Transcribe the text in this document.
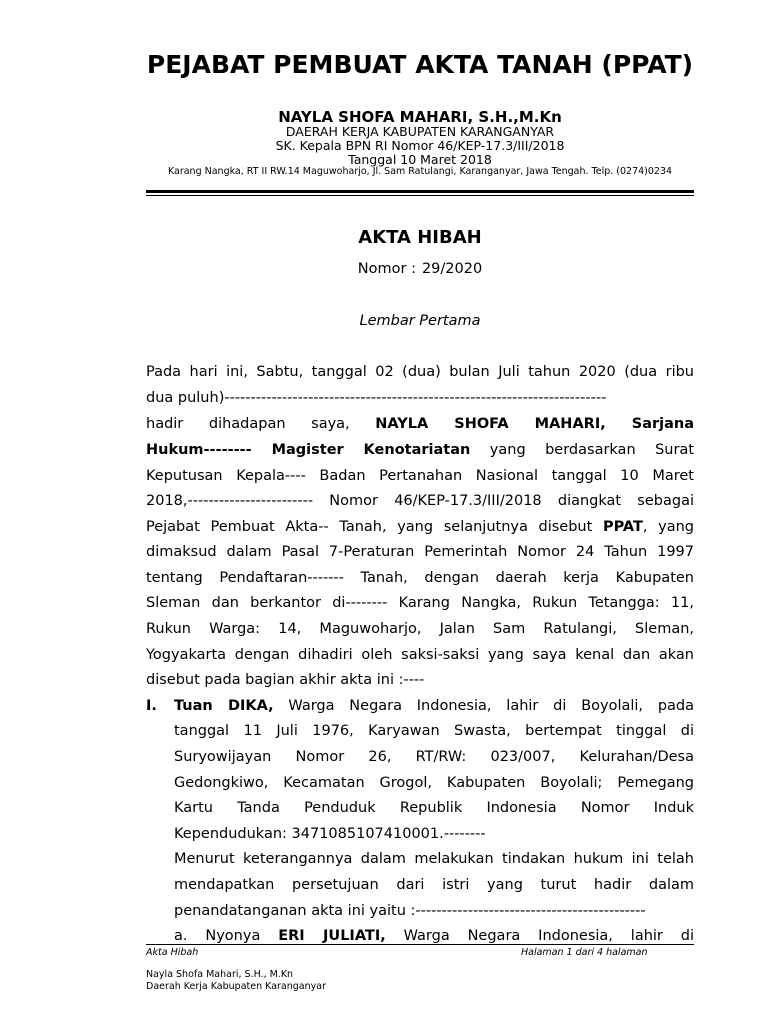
PEJABAT PEMBUAT AKTA TANAH (PPAT)
NAYLA SHOFA MAHARI, S.H.,M.Kn
DAERAH KERJA KABUPATEN KARANGANYAR
SK. Kepala BPN RI Nomor 46/KEP-17.3/III/2018
Tanggal 10 Maret 2018
Karang Nangka, RT II RW.14 Maguwoharjo, Jl. Sam Ratulangi, Karanganyar, Jawa Tengah. Telp. (0274)0234
AKTA HIBAH
Nomor : 29/2020
Lembar Pertama
Pada hari ini, Sabtu, tanggal 02 (dua) bulan Juli tahun 2020 (dua ribu
dua puluh)-------------------------------------------------------------------------
hadir dihadapan saya, NAYLA SHOFA MAHARI, Sarjana
Hukum-------- Magister Kenotariatan yang berdasarkan Surat
Keputusan Kepala---- Badan Pertanahan Nasional tanggal 10 Maret
2018,------------------------ Nomor 46/KEP-17.3/III/2018 diangkat sebagai
Pejabat Pembuat Akta-- Tanah, yang selanjutnya disebut PPAT, yang
dimaksud dalam Pasal 7-Peraturan Pemerintah Nomor 24 Tahun 1997
tentang Pendaftaran------- Tanah, dengan daerah kerja Kabupaten
Sleman dan berkantor di-------- Karang Nangka, Rukun Tetangga: 11,
Rukun Warga: 14, Maguwoharjo, Jalan Sam Ratulangi, Sleman,
Yogyakarta dengan dihadiri oleh saksi-saksi yang saya kenal dan akan
disebut pada bagian akhir akta ini :----
I. Tuan DIKA, Warga Negara Indonesia, lahir di Boyolali, pada
tanggal 11 Juli 1976, Karyawan Swasta, bertempat tinggal di
Suryowijayan Nomor 26, RT/RW: 023/007, Kelurahan/Desa
Gedongkiwo, Kecamatan Grogol, Kabupaten Boyolali; Pemegang
Kartu Tanda Penduduk Republik Indonesia Nomor Induk
Kependudukan: 3471085107410001.--------
Menurut keterangannya dalam melakukan tindakan hukum ini telah
mendapatkan persetujuan dari istri yang turut hadir dalam
penandatanganan akta ini yaitu :--------------------------------------------
a. Nyonya ERI JULIATI, Warga Negara Indonesia, lahir di
Akta Hibah	Halaman 1 dari 4 halaman
Nayla Shofa Mahari, S.H., M.Kn
Daerah Kerja Kabupaten Karanganyar
